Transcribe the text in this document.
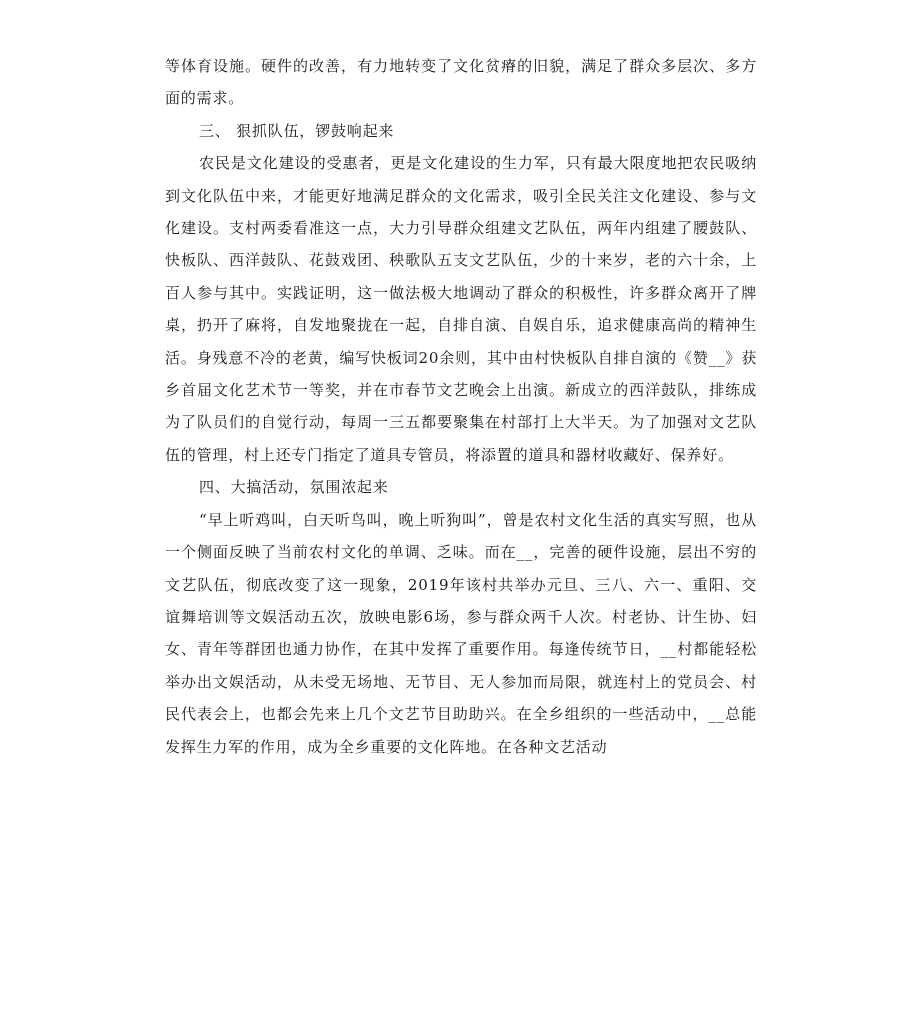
等体育设施。硬件的改善，有力地转变了文化贫瘠的旧貌，满足了群众多层次、多方面的需求。

三、 狠抓队伍，锣鼓响起来

农民是文化建设的受惠者，更是文化建设的生力军，只有最大限度地把农民吸纳到文化队伍中来，才能更好地满足群众的文化需求，吸引全民关注文化建设、参与文化建设。支村两委看准这一点，大力引导群众组建文艺队伍，两年内组建了腰鼓队、快板队、西洋鼓队、花鼓戏团、秧歌队五支文艺队伍，少的十来岁，老的六十余，上百人参与其中。实践证明，这一做法极大地调动了群众的积极性，许多群众离开了牌桌，扔开了麻将，自发地聚拢在一起，自排自演、自娱自乐，追求健康高尚的精神生活。身残意不冷的老黄，编写快板词20余则，其中由村快板队自排自演的《赞__》获乡首届文化艺术节一等奖，并在市春节文艺晚会上出演。新成立的西洋鼓队，排练成为了队员们的自觉行动，每周一三五都要聚集在村部打上大半天。为了加强对文艺队伍的管理，村上还专门指定了道具专管员，将添置的道具和器材收藏好、保养好。

四、大搞活动，氛围浓起来

“早上听鸡叫，白天听鸟叫，晚上听狗叫”，曾是农村文化生活的真实写照，也从一个侧面反映了当前农村文化的单调、乏味。而在__，完善的硬件设施，层出不穷的文艺队伍，彻底改变了这一现象，2019年该村共举办元旦、三八、六一、重阳、交谊舞培训等文娱活动五次，放映电影6场，参与群众两千人次。村老协、计生协、妇女、青年等群团也通力协作，在其中发挥了重要作用。每逢传统节日，__村都能轻松举办出文娱活动，从未受无场地、无节目、无人参加而局限，就连村上的党员会、村民代表会上，也都会先来上几个文艺节目助助兴。在全乡组织的一些活动中，__总能发挥生力军的作用，成为全乡重要的文化阵地。在各种文艺活动
